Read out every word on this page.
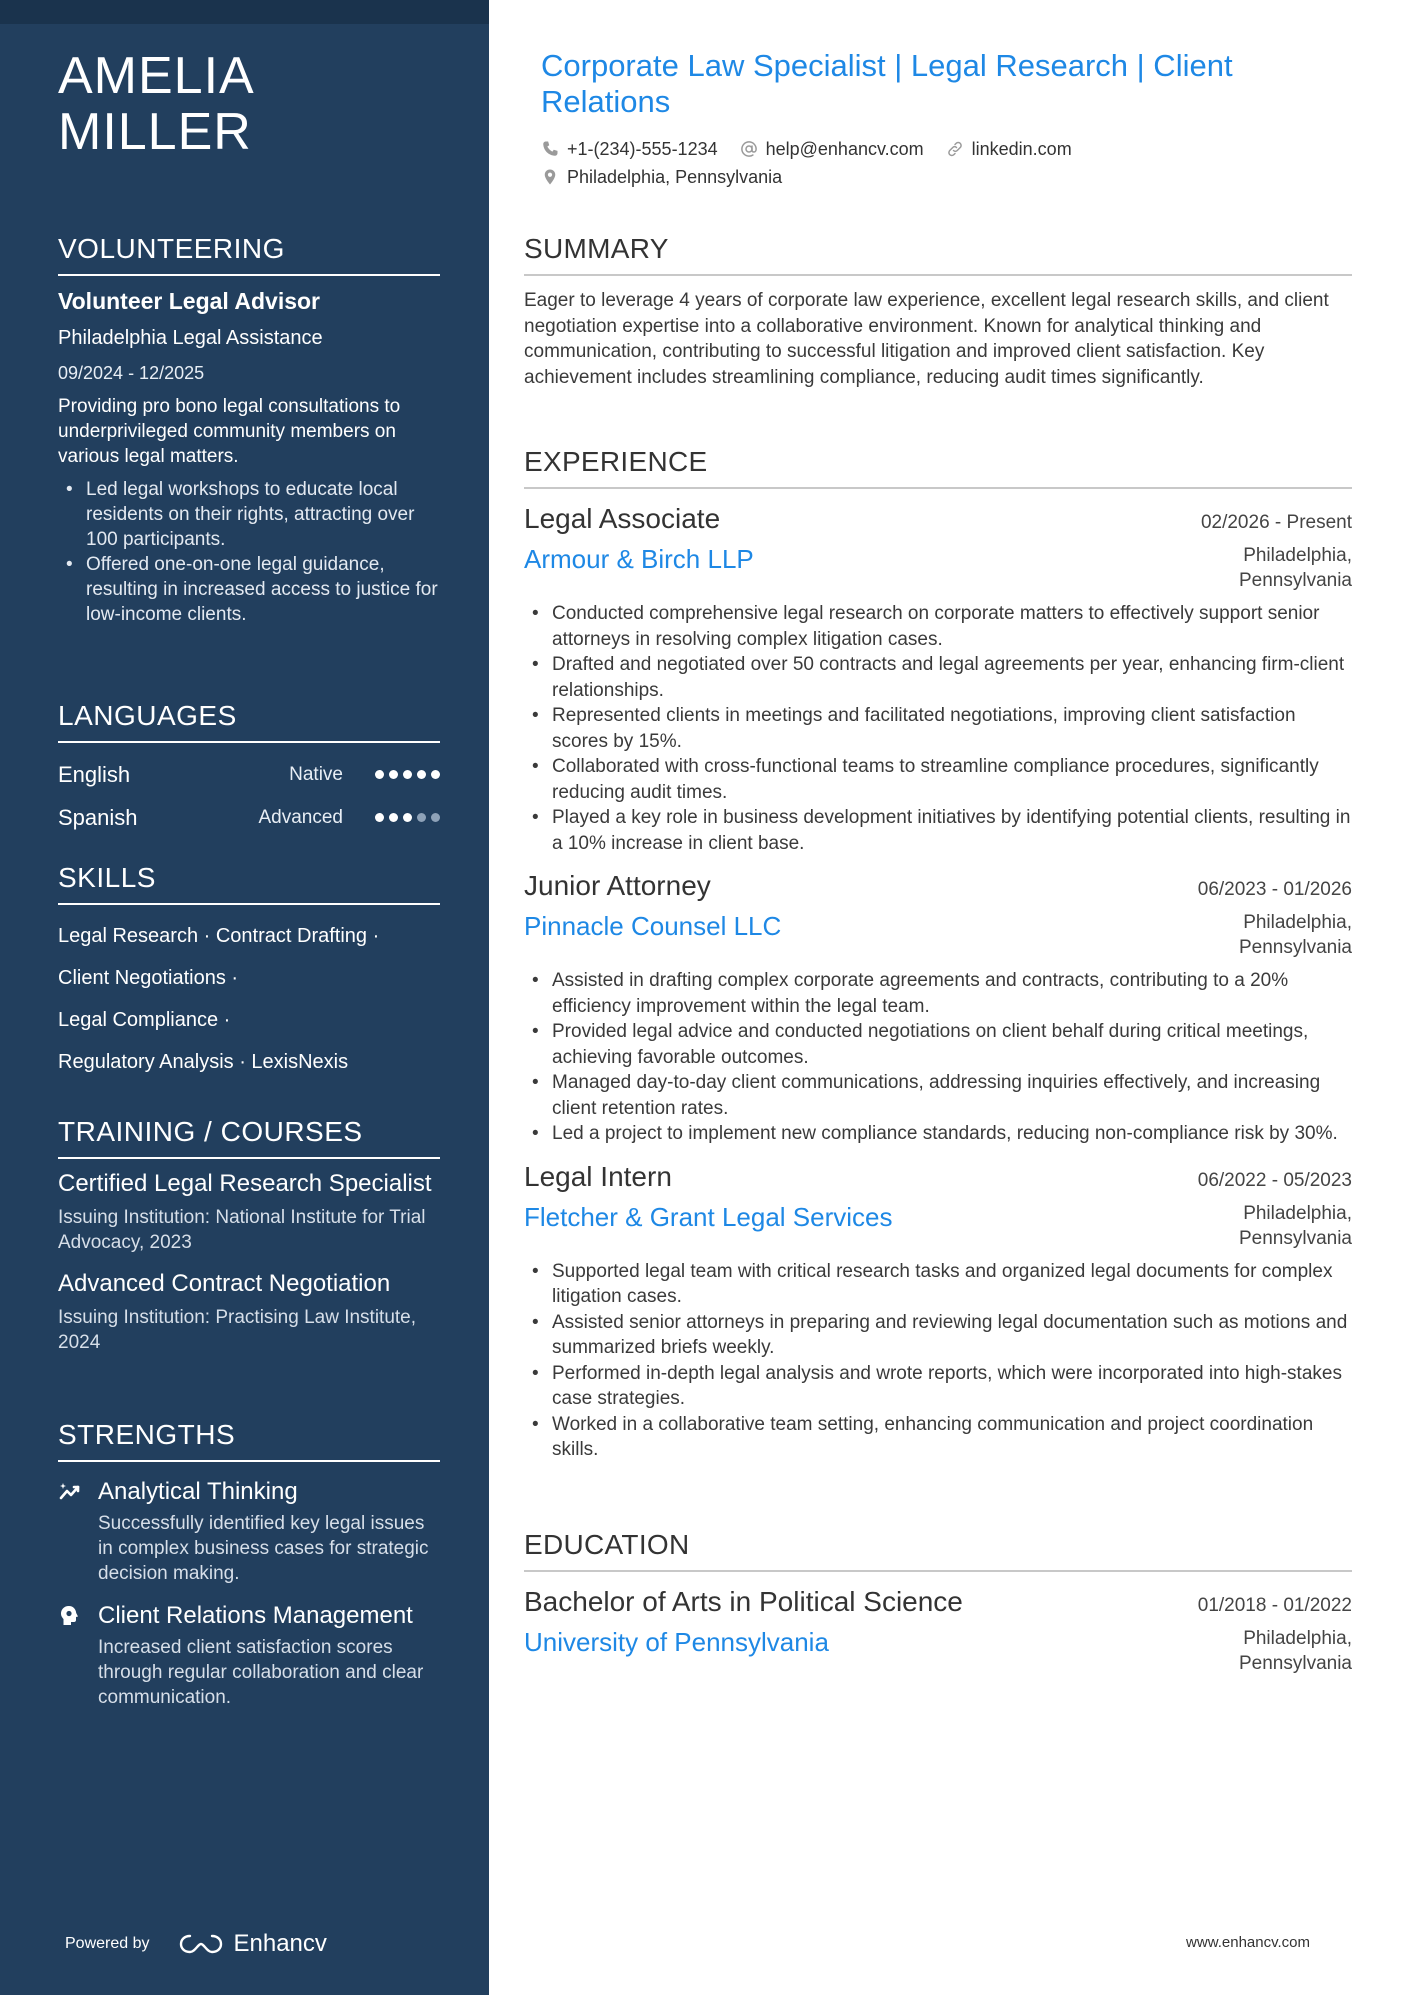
AMELIA MILLER
VOLUNTEERING
Volunteer Legal Advisor
Philadelphia Legal Assistance
09/2024 - 12/2025
Providing pro bono legal consultations to underprivileged community members on various legal matters.
• Led legal workshops to educate local residents on their rights, attracting over 100 participants.
• Offered one-on-one legal guidance, resulting in increased access to justice for low-income clients.
LANGUAGES
English	Native
Spanish	Advanced
SKILLS
Legal Research · Contract Drafting ·
Client Negotiations ·
Legal Compliance ·
Regulatory Analysis · LexisNexis
TRAINING / COURSES
Certified Legal Research Specialist
Issuing Institution: National Institute for Trial Advocacy, 2023
Advanced Contract Negotiation
Issuing Institution: Practising Law Institute, 2024
STRENGTHS
Analytical Thinking
Successfully identified key legal issues in complex business cases for strategic decision making.
Client Relations Management
Increased client satisfaction scores through regular collaboration and clear communication.
Powered by	Enhancv
Corporate Law Specialist | Legal Research | Client Relations
+1-(234)-555-1234	help@enhancv.com	linkedin.com
Philadelphia, Pennsylvania
SUMMARY
Eager to leverage 4 years of corporate law experience, excellent legal research skills, and client negotiation expertise into a collaborative environment. Known for analytical thinking and communication, contributing to successful litigation and improved client satisfaction. Key achievement includes streamlining compliance, reducing audit times significantly.
EXPERIENCE
Legal Associate	02/2026 - Present
Armour & Birch LLP	Philadelphia, Pennsylvania
• Conducted comprehensive legal research on corporate matters to effectively support senior attorneys in resolving complex litigation cases.
• Drafted and negotiated over 50 contracts and legal agreements per year, enhancing firm-client relationships.
• Represented clients in meetings and facilitated negotiations, improving client satisfaction scores by 15%.
• Collaborated with cross-functional teams to streamline compliance procedures, significantly reducing audit times.
• Played a key role in business development initiatives by identifying potential clients, resulting in a 10% increase in client base.
Junior Attorney	06/2023 - 01/2026
Pinnacle Counsel LLC	Philadelphia, Pennsylvania
• Assisted in drafting complex corporate agreements and contracts, contributing to a 20% efficiency improvement within the legal team.
• Provided legal advice and conducted negotiations on client behalf during critical meetings, achieving favorable outcomes.
• Managed day-to-day client communications, addressing inquiries effectively, and increasing client retention rates.
• Led a project to implement new compliance standards, reducing non-compliance risk by 30%.
Legal Intern	06/2022 - 05/2023
Fletcher & Grant Legal Services	Philadelphia, Pennsylvania
• Supported legal team with critical research tasks and organized legal documents for complex litigation cases.
• Assisted senior attorneys in preparing and reviewing legal documentation such as motions and summarized briefs weekly.
• Performed in-depth legal analysis and wrote reports, which were incorporated into high-stakes case strategies.
• Worked in a collaborative team setting, enhancing communication and project coordination skills.
EDUCATION
Bachelor of Arts in Political Science	01/2018 - 01/2022
University of Pennsylvania	Philadelphia, Pennsylvania
www.enhancv.com
